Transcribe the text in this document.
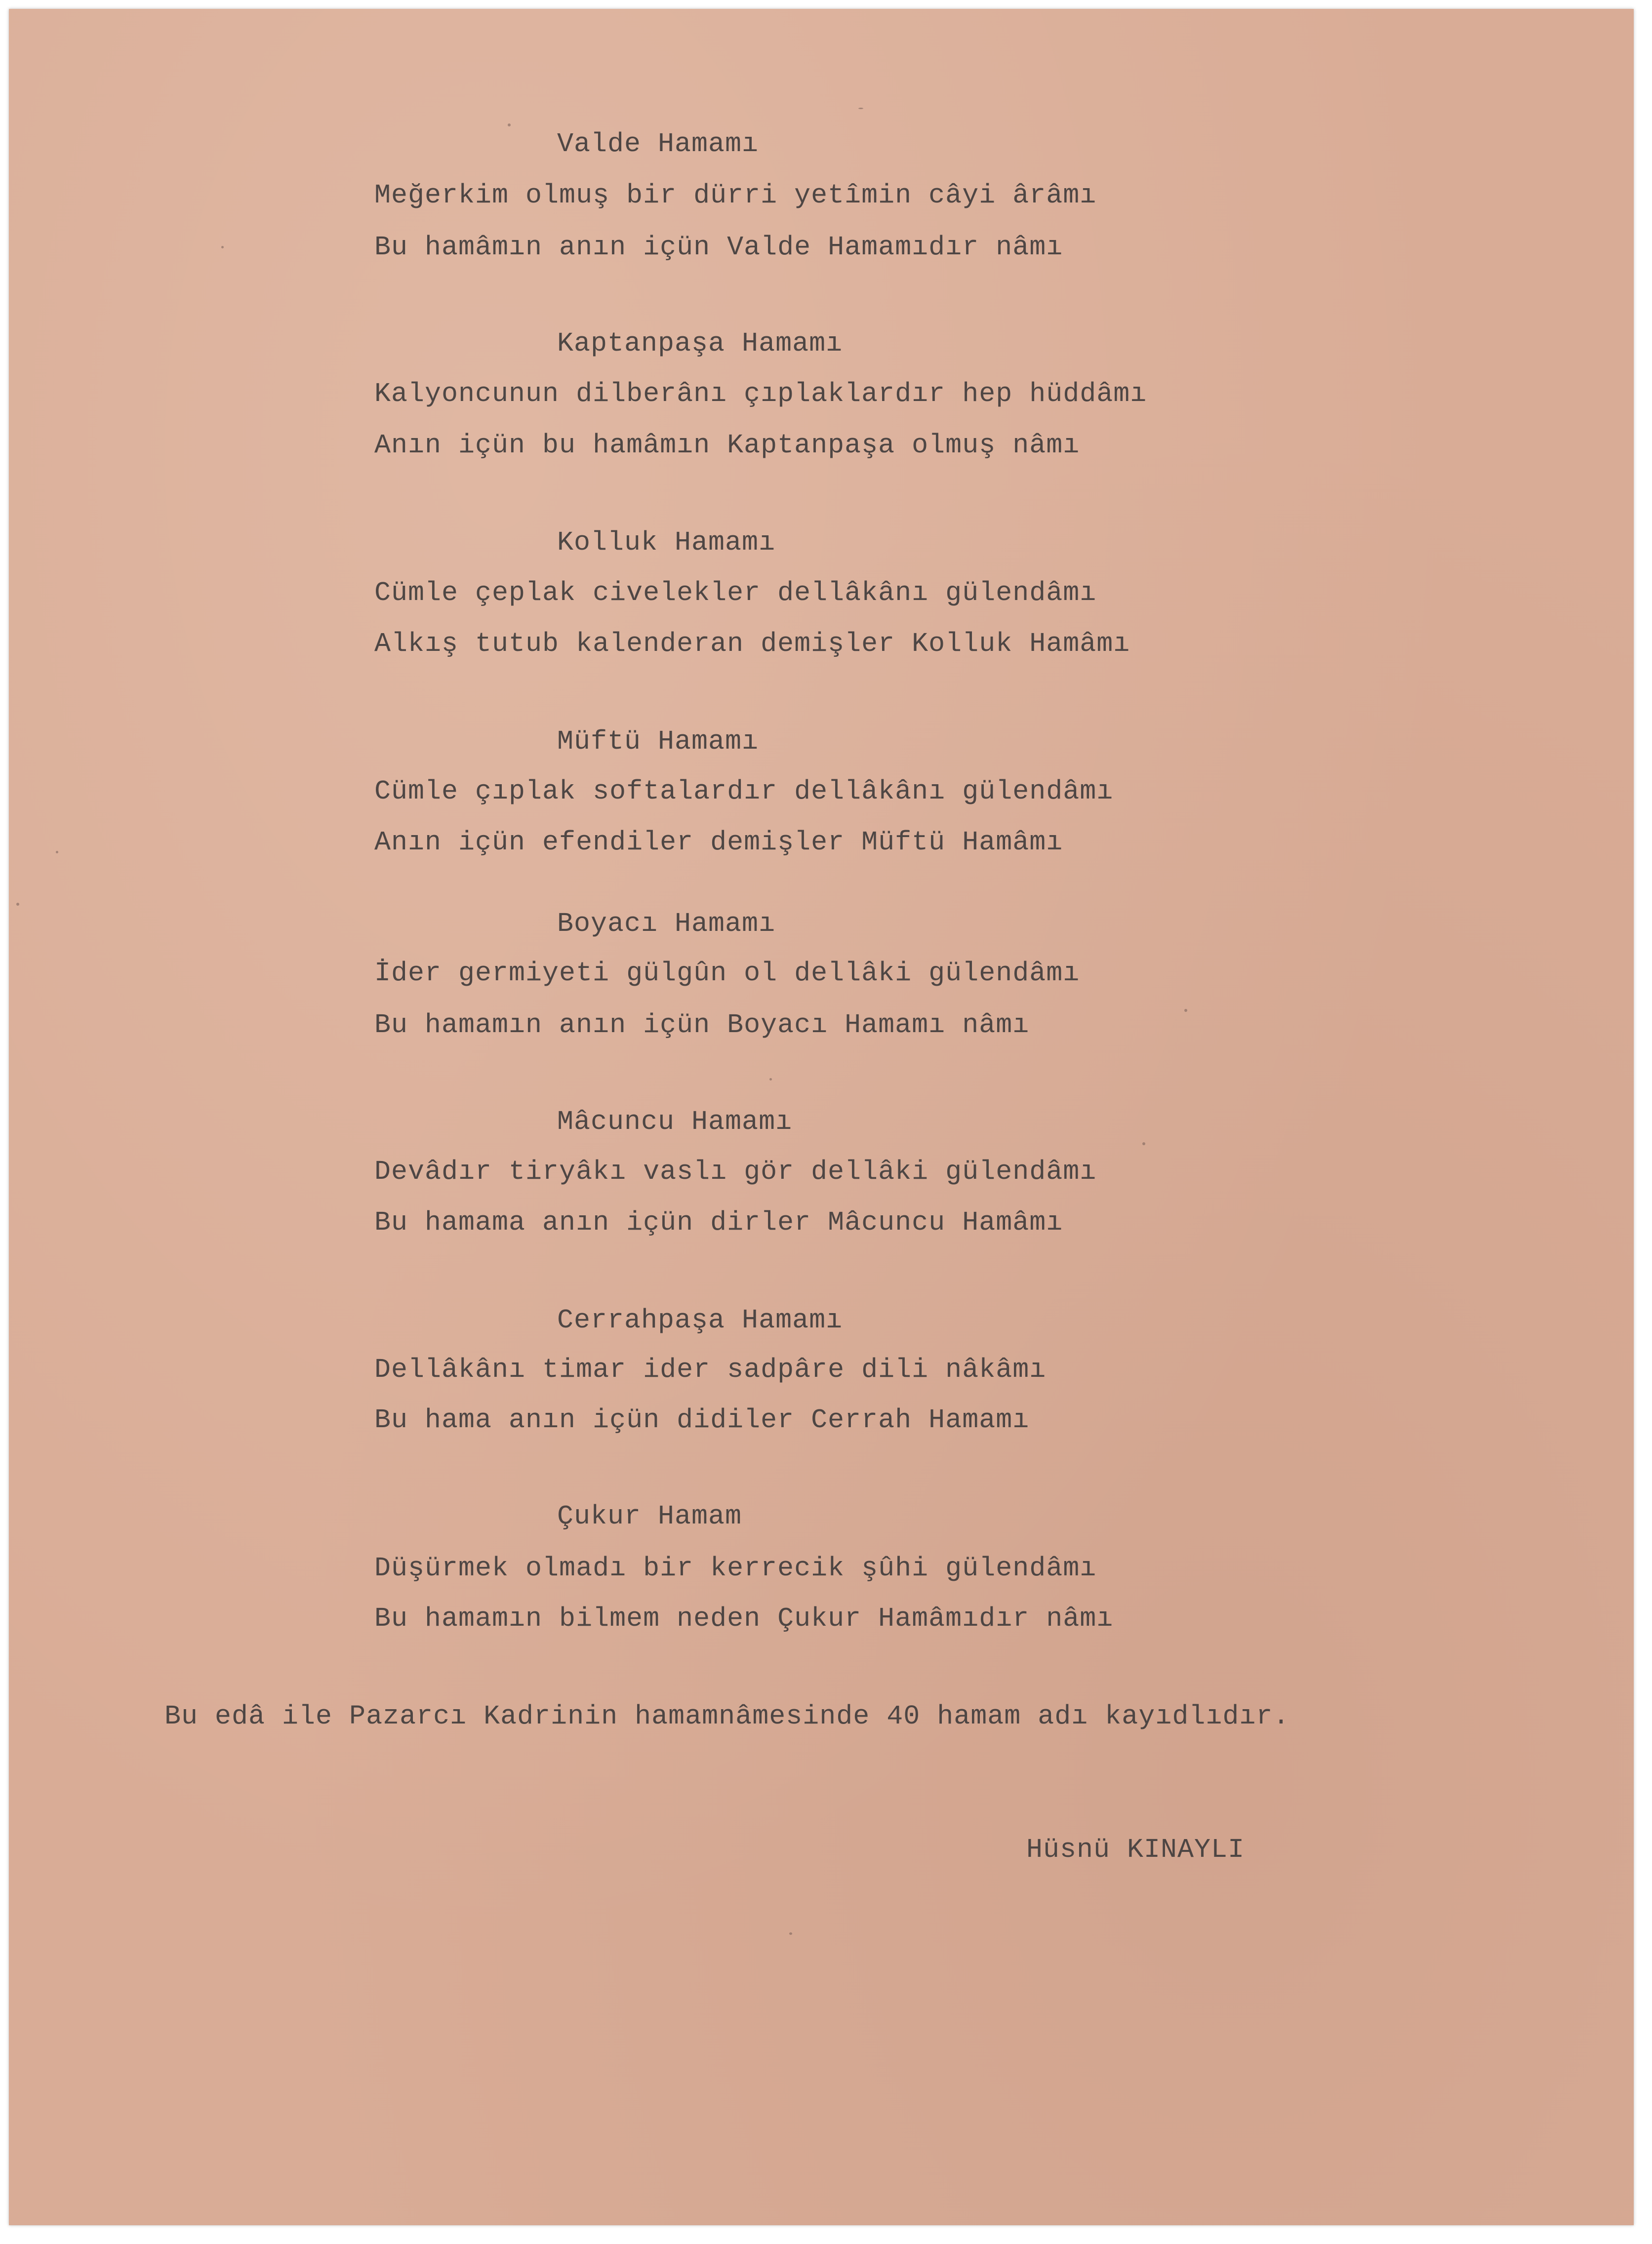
Valde Hamamı

Meğerkim olmuş bir dürri yetîmin câyi ârâmı

Bu hamâmın anın içün Valde Hamamıdır nâmı

Kaptanpaşa Hamamı

Kalyoncunun dilberânı çıplaklardır hep hüddâmı

Anın içün bu hamâmın Kaptanpaşa olmuş nâmı

Kolluk Hamamı

Cümle çeplak civelekler dellâkânı gülendâmı

Alkış tutub kalenderan demişler Kolluk Hamâmı

Müftü Hamamı

Cümle çıplak softalardır dellâkânı gülendâmı

Anın içün efendiler demişler Müftü Hamâmı

Boyacı Hamamı

İder germiyeti gülgûn ol dellâki gülendâmı

Bu hamamın anın içün Boyacı Hamamı nâmı

Mâcuncu Hamamı

Devâdır tiryâkı vaslı gör dellâki gülendâmı

Bu hamama anın içün dirler Mâcuncu Hamâmı

Cerrahpaşa Hamamı

Dellâkânı timar ider sadpâre dili nâkâmı

Bu hama anın içün didiler Cerrah Hamamı

Çukur Hamam

Düşürmek olmadı bir kerrecik şûhi gülendâmı

Bu hamamın bilmem neden Çukur Hamâmıdır nâmı

Bu edâ ile Pazarcı Kadrinin hamamnâmesinde 40 hamam adı kayıdlıdır.

Hüsnü KINAYLI
